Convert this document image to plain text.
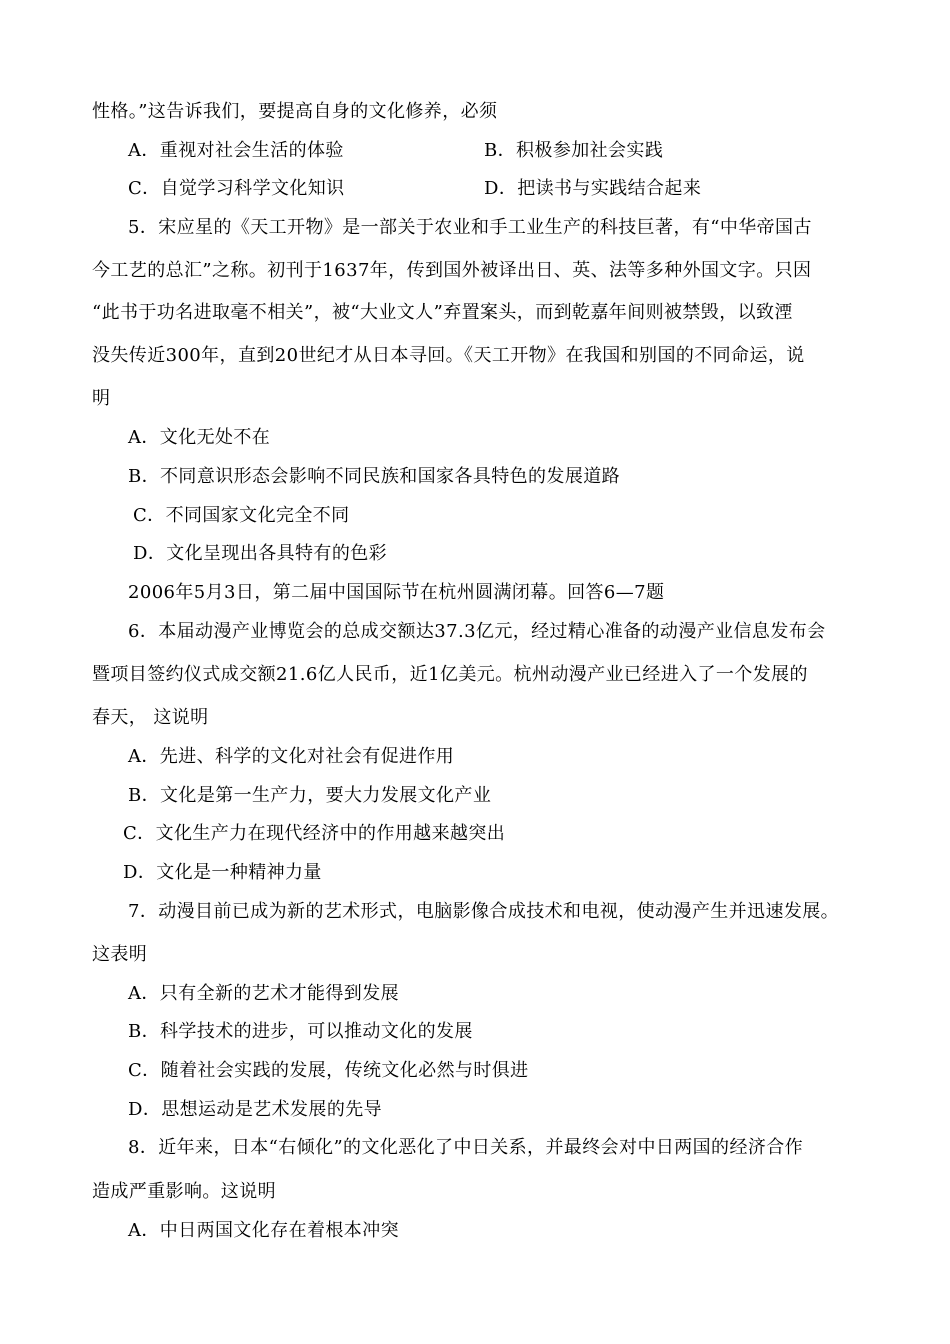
性格。”这告诉我们，要提高自身的文化修养，必须
A．重视对社会生活的体验	B．积极参加社会实践
C．自觉学习科学文化知识	D．把读书与实践结合起来
5．宋应星的《天工开物》是一部关于农业和手工业生产的科技巨著，有“中华帝国古
今工艺的总汇”之称。初刊于1637年，传到国外被译出日、英、法等多种外国文字。只因
“此书于功名进取毫不相关”，被“大业文人”弃置案头，而到乾嘉年间则被禁毁，以致湮
没失传近300年，直到20世纪才从日本寻回。《天工开物》在我国和别国的不同命运，说
明
A．文化无处不在
B．不同意识形态会影响不同民族和国家各具特色的发展道路
C．不同国家文化完全不同
D．文化呈现出各具特有的色彩
2006年5月3日，第二届中国国际节在杭州圆满闭幕。回答6—7题
6．本届动漫产业博览会的总成交额达37.3亿元，经过精心准备的动漫产业信息发布会
暨项目签约仪式成交额21.6亿人民币，近1亿美元。杭州动漫产业已经进入了一个发展的
春天， 这说明
A．先进、科学的文化对社会有促进作用
B．文化是第一生产力，要大力发展文化产业
C．文化生产力在现代经济中的作用越来越突出
D．文化是一种精神力量
7．动漫目前已成为新的艺术形式，电脑影像合成技术和电视，使动漫产生并迅速发展。
这表明
A．只有全新的艺术才能得到发展
B．科学技术的进步，可以推动文化的发展
C．随着社会实践的发展，传统文化必然与时俱进
D．思想运动是艺术发展的先导
8．近年来，日本“右倾化”的文化恶化了中日关系，并最终会对中日两国的经济合作
造成严重影响。这说明
A．中日两国文化存在着根本冲突
